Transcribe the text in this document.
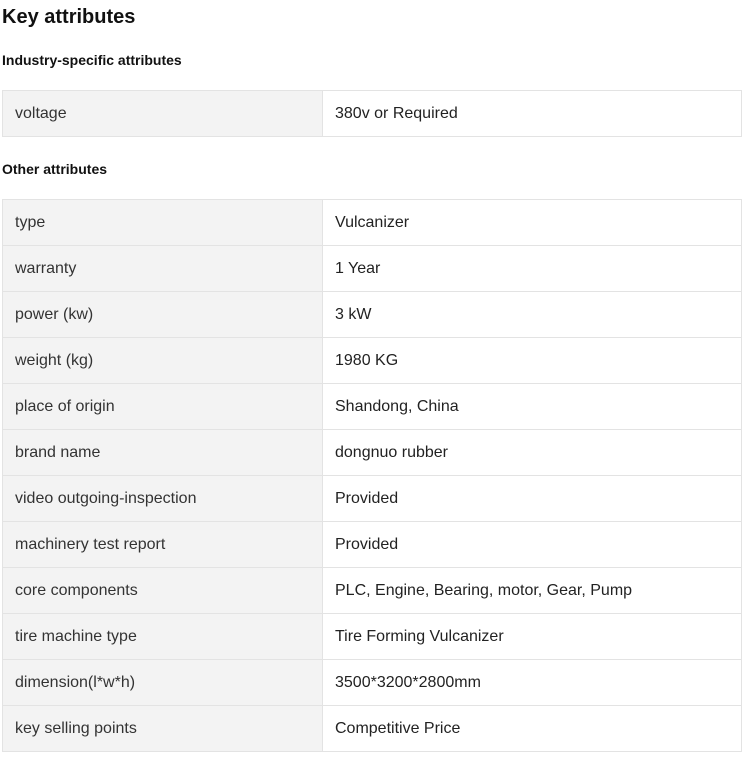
Key attributes
Industry-specific attributes
voltage	380v or Required
Other attributes
type	Vulcanizer
warranty	1 Year
power (kw)	3 kW
weight (kg)	1980 KG
place of origin	Shandong, China
brand name	dongnuo rubber
video outgoing-inspection	Provided
machinery test report	Provided
core components	PLC, Engine, Bearing, motor, Gear, Pump
tire machine type	Tire Forming Vulcanizer
dimension(l*w*h)	3500*3200*2800mm
key selling points	Competitive Price
